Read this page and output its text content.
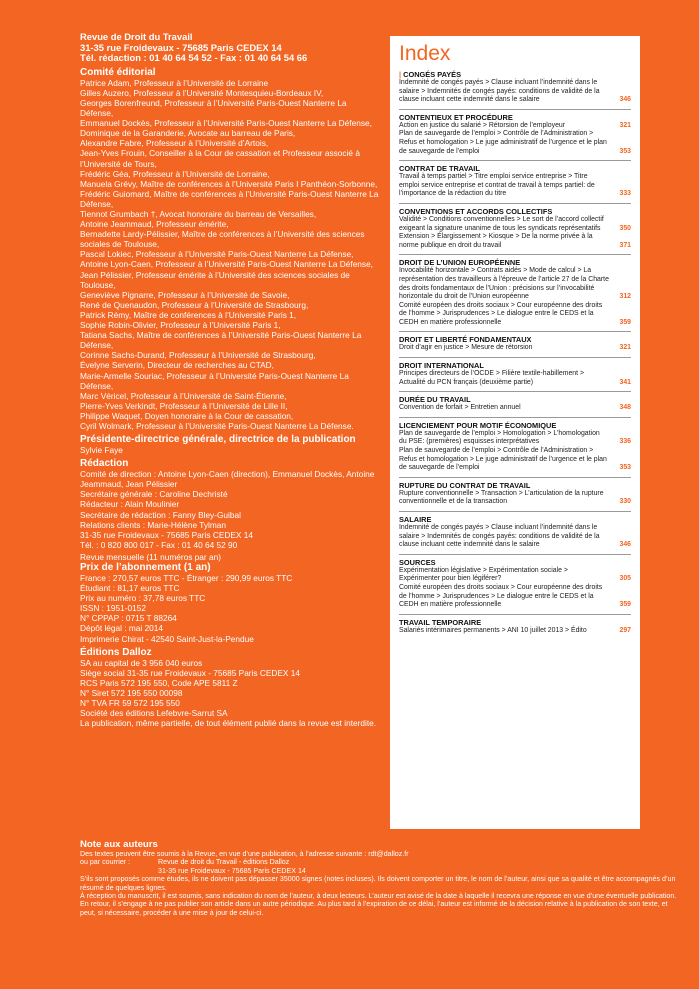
Revue de Droit du Travail
31-35 rue Froidevaux - 75685 Paris CEDEX 14
Tél. rédaction : 01 40 64 54 52 - Fax : 01 40 64 54 66
Comité éditorial
Patrice Adam, Professeur à l’Université de Lorraine
Gilles Auzero, Professeur à l’Université Montesquieu-Bordeaux IV,
Georges Borenfreund, Professeur à l’Université Paris-Ouest Nanterre La Défense,
Emmanuel Dockès, Professeur à l’Université Paris-Ouest Nanterre La Défense,
Dominique de la Garanderie, Avocate au barreau de Paris,
Alexandre Fabre, Professeur à l’Université d’Artois,
Jean-Yves Frouin, Conseiller à la Cour de cassation et Professeur associé à l’Université de Tours,
Frédéric Géa, Professeur à l’Université de Lorraine,
Manuela Grévy, Maître de conférences à l’Université Paris I Panthéon-Sorbonne,
Frédéric Guiomard, Maître de conférences à l’Université Paris-Ouest Nanterre La Défense,
Tiennot Grumbach †, Avocat honoraire du barreau de Versailles,
Antoine Jeammaud, Professeur émérite,
Bernadette Lardy-Pélissier, Maître de conférences à l’Université des sciences sociales de Toulouse,
Pascal Lokiec, Professeur à l’Université Paris-Ouest Nanterre La Défense,
Antoine Lyon-Caen, Professeur à l’Université Paris-Ouest Nanterre La Défense,
Jean Pélissier, Professeur émérite à l’Université des sciences sociales de Toulouse,
Geneviève Pignarre, Professeur à l’Université de Savoie,
René de Quenaudon, Professeur à l’Université de Strasbourg,
Patrick Rémy, Maître de conférences à l’Université Paris 1,
Sophie Robin-Olivier, Professeur à l’Université Paris 1,
Tatiana Sachs, Maître de conférences à l’Université Paris-Ouest Nanterre La Défense,
Corinne Sachs-Durand, Professeur à l’Université de Strasbourg,
Évelyne Serverin, Directeur de recherches au CTAD,
Marie-Armelle Souriac, Professeur à l’Université Paris-Ouest Nanterre La Défense,
Marc Véricel, Professeur à l’Université de Saint-Étienne,
Pierre-Yves Verkindt, Professeur à l’Université de Lille II,
Philippe Waquet, Doyen honoraire à la Cour de cassation,
Cyril Wolmark, Professeur à l’Université Paris-Ouest Nanterre La Défense.
Présidente-directrice générale, directrice de la publication
Sylvie Faye
Rédaction
Comité de direction : Antoine Lyon-Caen (direction), Emmanuel Dockès, Antoine Jeammaud, Jean Pélissier
Secrétaire générale : Caroline Dechristé
Rédacteur : Alain Moulinier
Secrétaire de rédaction : Fanny Bley-Guibal
Relations clients : Marie-Hélène Tylman
31-35 rue Froidevaux - 75685 Paris CEDEX 14
Tél. : 0 820 800 017 - Fax : 01 40 64 52 90
Revue mensuelle (11 numéros par an)
Prix de l’abonnement (1 an)
France : 270,57 euros TTC - Étranger : 290,99 euros TTC
Étudiant : 81,17 euros TTC
Prix au numéro : 37,78 euros TTC
ISSN : 1951-0152
N° CPPAP : 0715 T 88264
Dépôt légal : mai 2014
Imprimerie Chirat - 42540 Saint-Just-la-Pendue
Éditions Dalloz
SA au capital de 3 956 040 euros
Siège social 31-35 rue Froidevaux - 75685 Paris CEDEX 14
RCS Paris 572 195 550, Code APE 5811 Z
N° Siret 572 195 550 00098
N° TVA FR 59 572 195 550
Société des éditions Lefebvre-Sarrut SA
La publication, même partielle, de tout élément publié dans la revue est interdite.
Index
| CONGÉS PAYÉS
Indemnité de congés payés > Clause incluant l’indemnité dans le salaire > Indemnités de congés payés: conditions de validité de la clause incluant cette indemnité dans le salaire	346
CONTENTIEUX ET PROCÉDURE
Action en justice du salarié > Rétorsion de l’employeur	321
Plan de sauvegarde de l’emploi > Contrôle de l’Administration > Refus et homologation > Le juge administratif de l’urgence et le plan de sauvegarde de l’emploi	353
CONTRAT DE TRAVAIL
Travail à temps partiel > Titre emploi service entreprise > Titre emploi service entreprise et contrat de travail à temps partiel: de l’importance de la rédaction du titre	333
CONVENTIONS ET ACCORDS COLLECTIFS
Validité > Conditions conventionnelles > Le sort de l’accord collectif exigeant la signature unanime de tous les syndicats représentatifs	350
Extension > Élargissement > Kiosque > De la norme privée à la norme publique en droit du travail	371
DROIT DE L’UNION EUROPÉENNE
Invocabilité horizontale > Contrats aidés > Mode de calcul > La représentation des travailleurs à l’épreuve de l’article 27 de la Charte des droits fondamentaux de l’Union : précisions sur l’invocabilité horizontale du droit de l’Union européenne	312
Comité européen des droits sociaux > Cour européenne des droits de l’homme > Jurisprudences > Le dialogue entre le CEDS et la CEDH en matière professionnelle	359
DROIT ET LIBERTÉ FONDAMENTAUX
Droit d’agir en justice > Mesure de rétorsion	321
DROIT INTERNATIONAL
Principes directeurs de l’OCDE > Filière textile-habillement > Actualité du PCN français (deuxième partie)	341
DURÉE DU TRAVAIL
Convention de forfait > Entretien annuel	348
LICENCIEMENT POUR MOTIF ÉCONOMIQUE
Plan de sauvegarde de l’emploi > Homologation > L’homologation du PSE: (premières) esquisses interprétatives	336
Plan de sauvegarde de l’emploi > Contrôle de l’Administration > Refus et homologation > Le juge administratif de l’urgence et le plan de sauvegarde de l’emploi	353
RUPTURE DU CONTRAT DE TRAVAIL
Rupture conventionnelle > Transaction > L’articulation de la rupture conventionnelle et de la transaction	330
SALAIRE
Indemnité de congés payés > Clause incluant l’indemnité dans le salaire > Indemnités de congés payés: conditions de validité de la clause incluant cette indemnité dans le salaire	346
SOURCES
Expérimentation législative > Expérimentation sociale > Expérimenter pour bien légiférer?	305
Comité européen des droits sociaux > Cour européenne des droits de l’homme > Jurisprudences > Le dialogue entre le CEDS et la CEDH en matière professionnelle	359
TRAVAIL TEMPORAIRE
Salariés intérimaires permanents > ANI 10 juillet 2013 > Édito	297
Note aux auteurs
Des textes peuvent être soumis à la Revue, en vue d’une publication, à l’adresse suivante : rdt@dalloz.fr
ou par courrier :	Revue de droit du Travail - éditions Dalloz
31-35 rue Froidevaux - 75685 Paris CEDEX 14
S’ils sont proposés comme études, ils ne doivent pas dépasser 35000 signes (notes incluses). Ils doivent comporter un titre, le nom de l’auteur, ainsi que sa qualité et être accompagnés d’un résumé de quelques lignes.
À réception du manuscrit, il est soumis, sans indication du nom de l’auteur, à deux lecteurs. L’auteur est avisé de la date à laquelle il recevra une réponse en vue d’une éventuelle publication. En retour, il s’engage à ne pas publier son article dans un autre périodique. Au plus tard à l’expiration de ce délai, l’auteur est informé de la décision relative à la publication de son texte, et peut, si nécessaire, procéder à une mise à jour de celui-ci.
